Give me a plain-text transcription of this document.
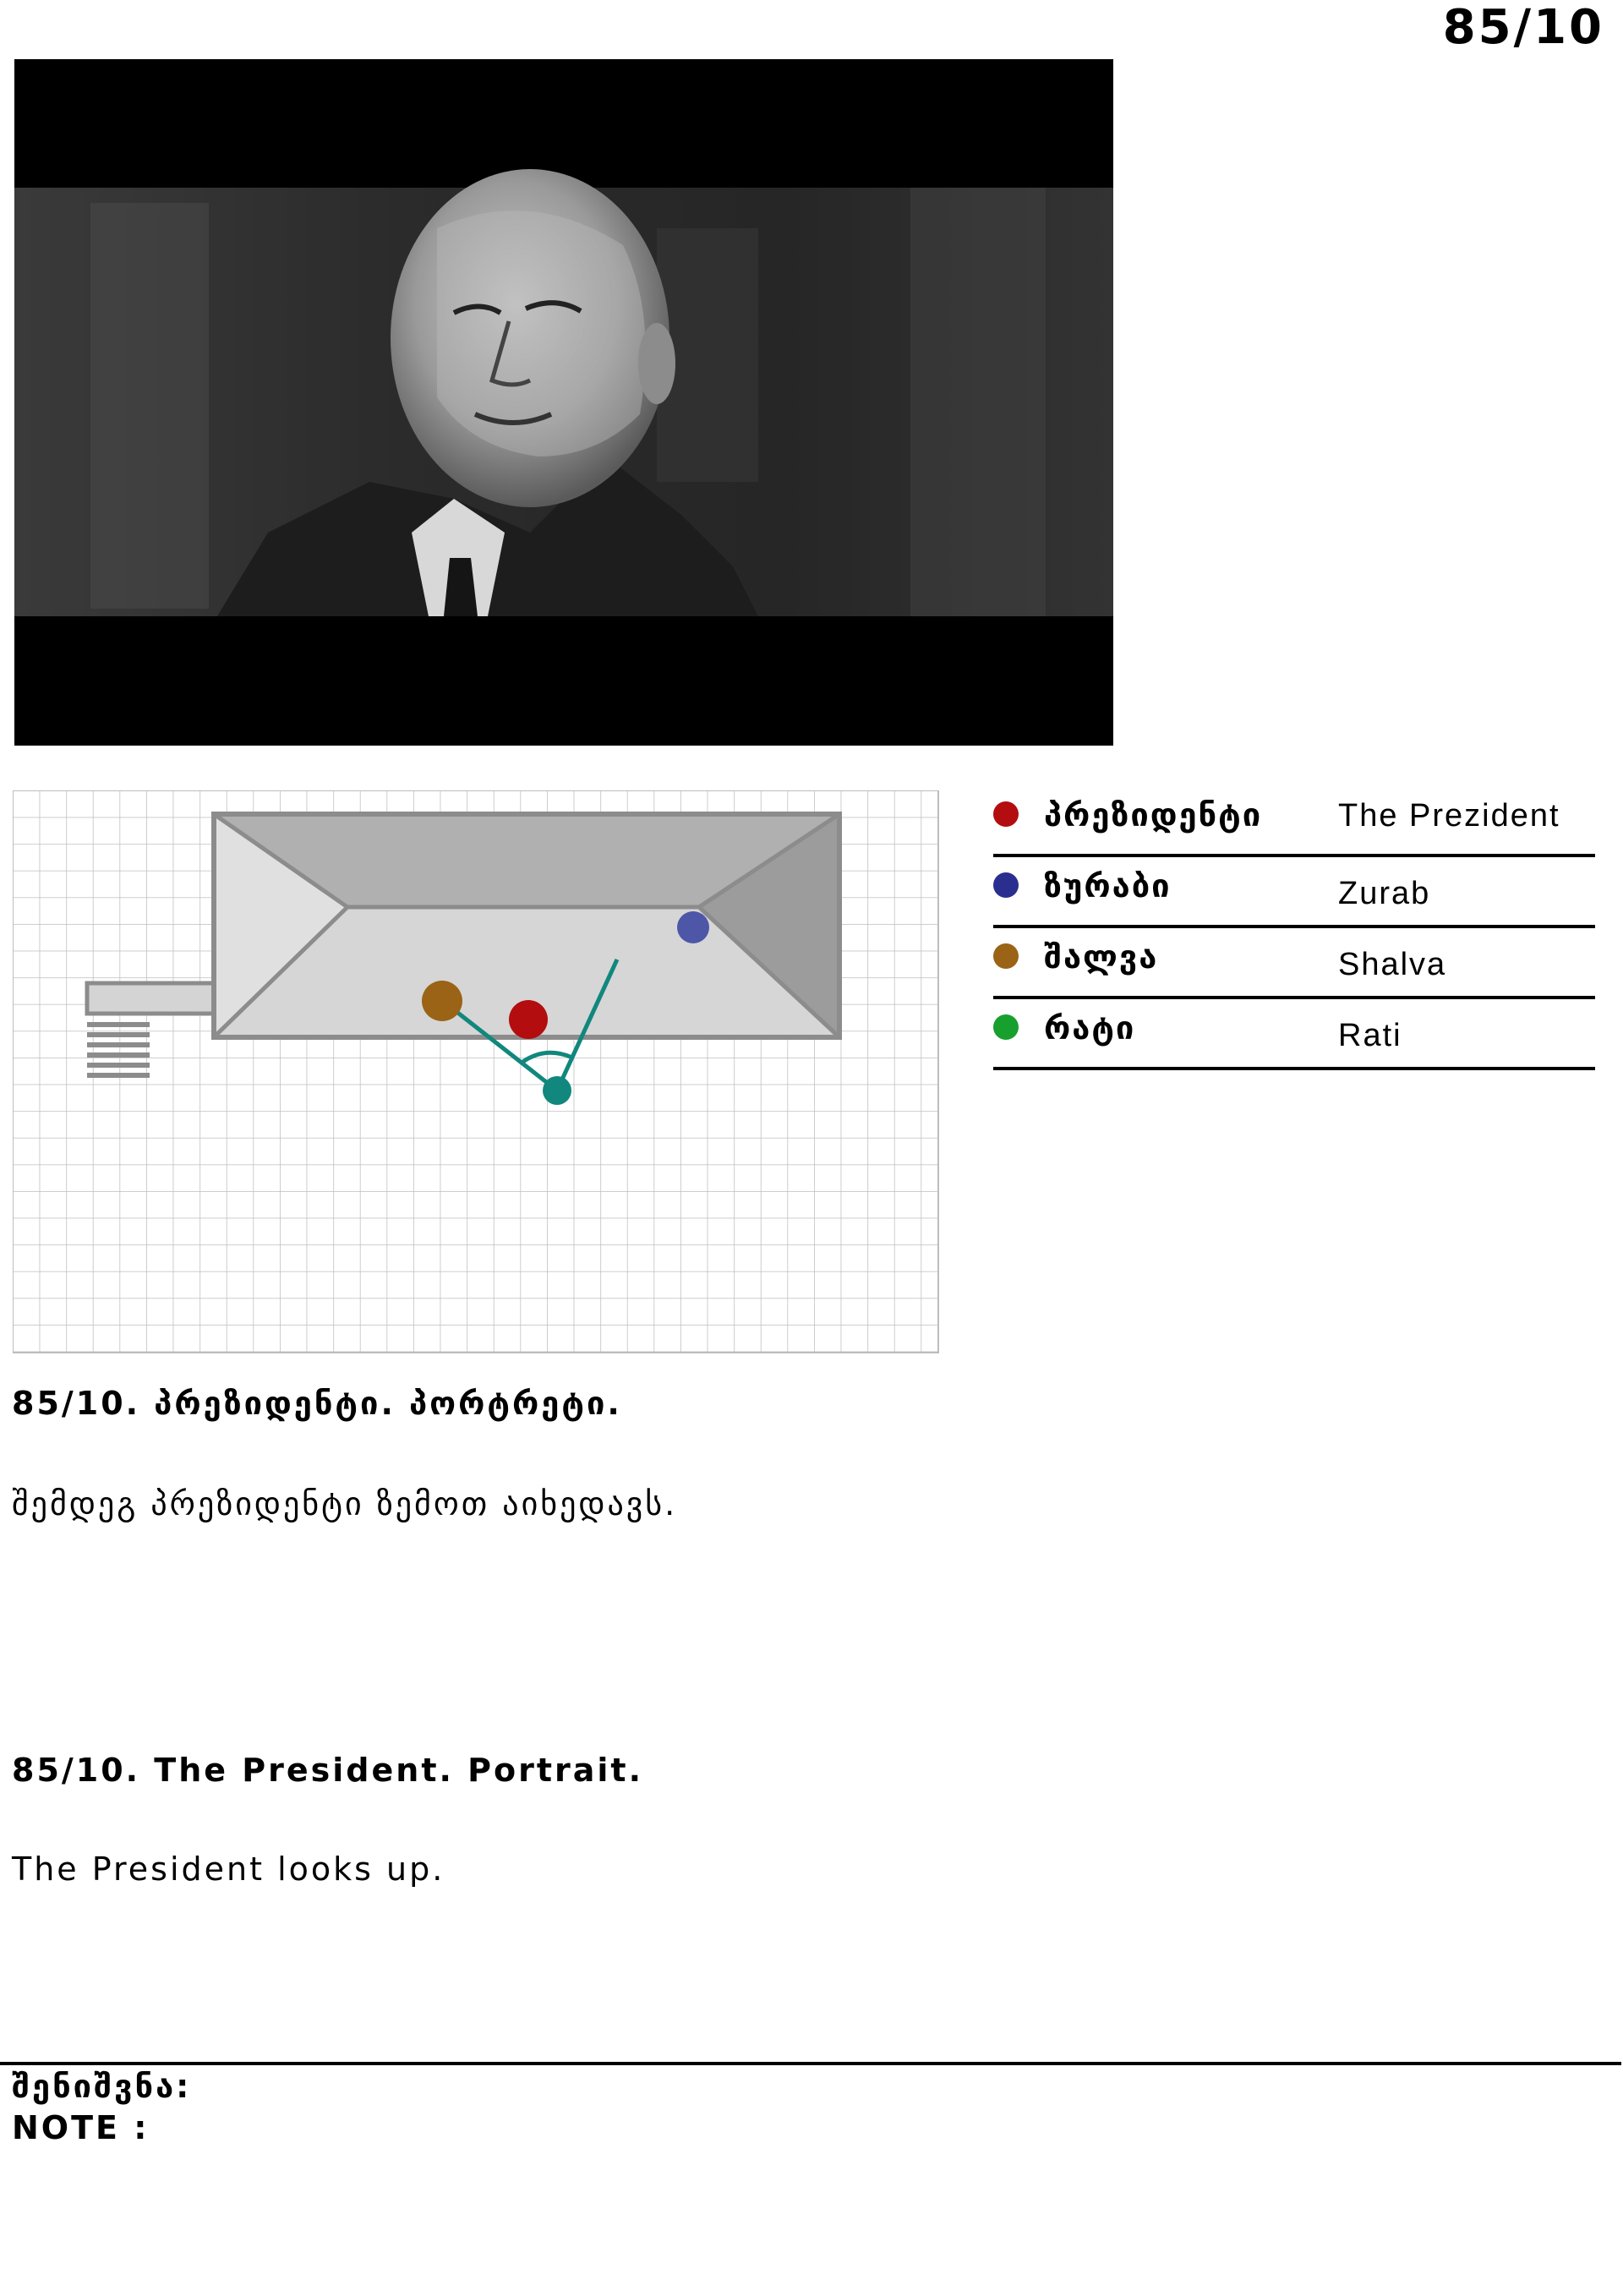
85/10
პრეზიდენტი The Prezident
ზურაბი	Zurab
შალვა	Shalva
რატი	Rati
85/10. პრეზიდენტი. პორტრეტი.
შემდეგ პრეზიდენტი ზემოთ აიხედავს.
85/10. The President. Portrait.
The President looks up.
შენიშვნა:
NOTE :
